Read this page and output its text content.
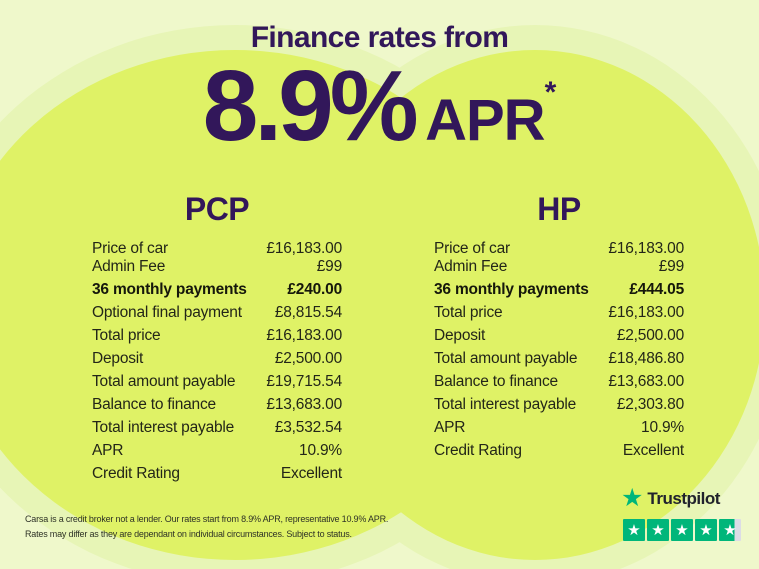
Finance rates from
8.9% APR*
PCP	HP
Price of car	£16,183.00
Admin Fee	£99
36 monthly payments	£240.00
Optional final payment £8,815.54
Total price	£16,183.00
Deposit	£2,500.00
Total amount payable £19,715.54
Balance to finance	£13,683.00
Total interest payable	£3,532.54
APR	10.9%
Credit Rating	Excellent
Price of car	£16,183.00
Admin Fee	£99
36 monthly payments	£444.05
Total price	£16,183.00
Deposit	£2,500.00
Total amount payable £18,486.80
Balance to finance	£13,683.00
Total interest payable	£2,303.80
APR	10.9%
Credit Rating	Excellent
Carsa is a credit broker not a lender. Our rates start from 8.9% APR, representative 10.9% APR.
Rates may differ as they are dependant on individual circumstances. Subject to status.
★ Trustpilot
★ ★ ★ ★ ★
